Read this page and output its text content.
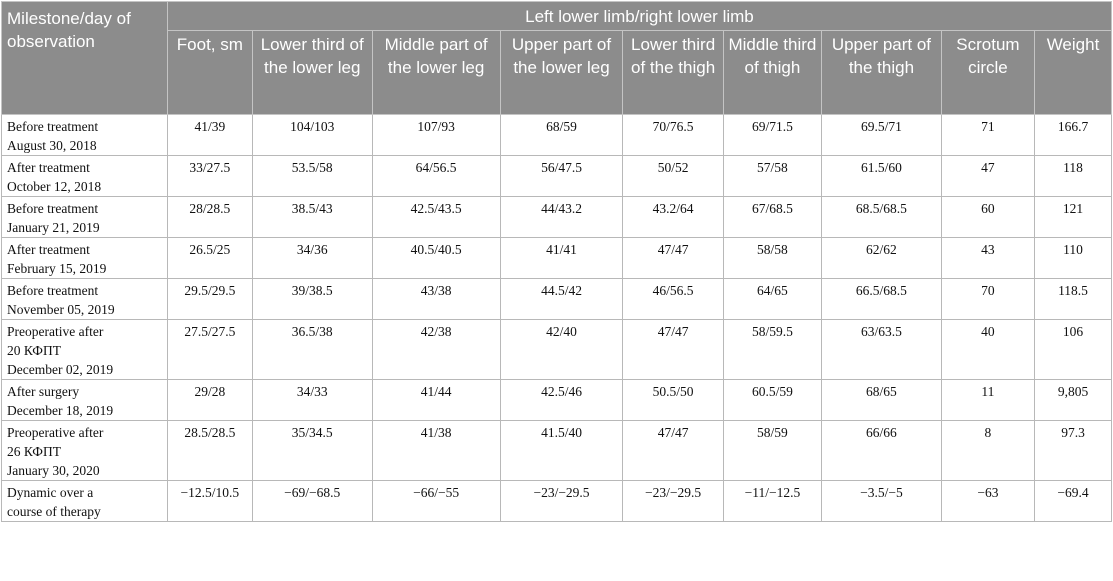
Milestone/day of observation	Left lower limb/right lower limb								
	Foot, sm	Lower third of the lower leg	Middle part of the lower leg	Upper part of the lower leg	Lower third of the thigh	Middle third of thigh	Upper part of the thigh	Scrotum circle	Weight

Before treatment
August 30, 2018	41/39	104/103	107/93	68/59	70/76.5	69/71.5	69.5/71	71	166.7

After treatment
October 12, 2018	33/27.5	53.5/58	64/56.5	56/47.5	50/52	57/58	61.5/60	47	118

Before treatment
January 21, 2019	28/28.5	38.5/43	42.5/43.5	44/43.2	43.2/64	67/68.5	68.5/68.5	60	121

After treatment
February 15, 2019	26.5/25	34/36	40.5/40.5	41/41	47/47	58/58	62/62	43	110

Before treatment
November 05, 2019	29.5/29.5	39/38.5	43/38	44.5/42	46/56.5	64/65	66.5/68.5	70	118.5

Preoperative after
20 КФПТ
December 02, 2019	27.5/27.5	36.5/38	42/38	42/40	47/47	58/59.5	63/63.5	40	106

After surgery
December 18, 2019	29/28	34/33	41/44	42.5/46	50.5/50	60.5/59	68/65	11	9,805

Preoperative after
26 КФПТ
January 30, 2020	28.5/28.5	35/34.5	41/38	41.5/40	47/47	58/59	66/66	8	97.3

Dynamic over a
course of therapy	−12.5/10.5	−69/−68.5	−66/−55	−23/−29.5	−23/−29.5	−11/−12.5	−3.5/−5	−63	−69.4
